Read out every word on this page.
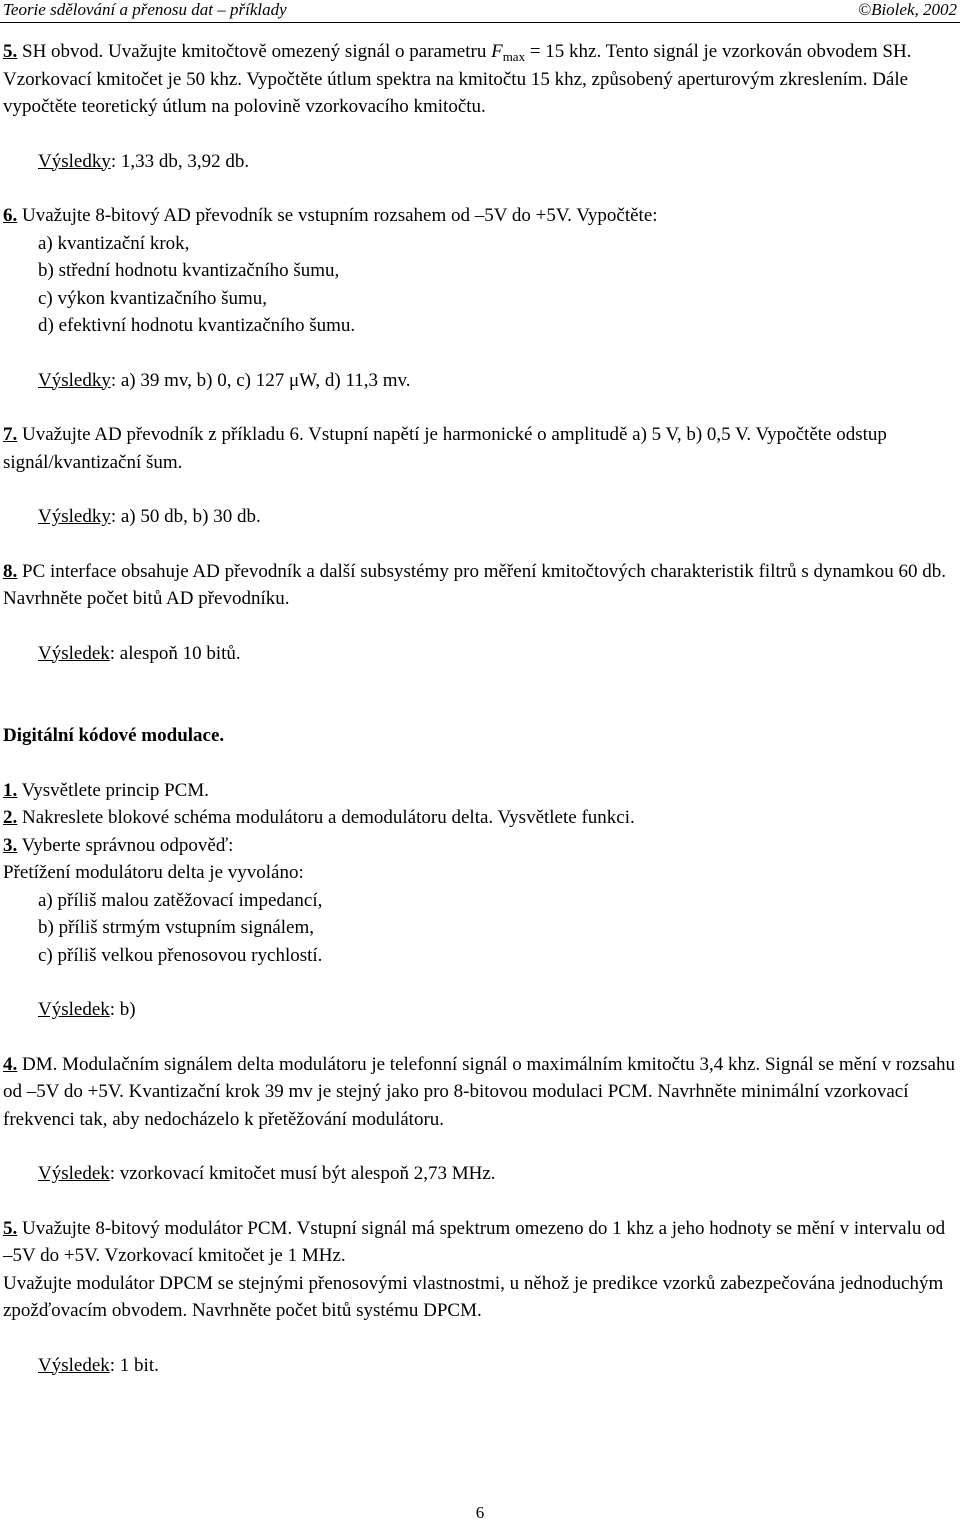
Teorie sdělování a přenosu dat – příklady	©Biolek, 2002

5. SH obvod. Uvažujte kmitočtově omezený signál o parametru $F_{max} = 15$ khz. Tento signál je vzorkován obvodem SH. Vzorkovací kmitočet je 50 khz. Vypočtěte útlum spektra na kmitočtu 15 khz, způsobený aperturovým zkreslením. Dále vypočtěte teoretický útlum na polovině vzorkovacího kmitočtu.

Výsledky: 1,33 db, 3,92 db.

6. Uvažujte 8-bitový AD převodník se vstupním rozsahem od –5V do +5V. Vypočtěte:

a) kvantizační krok,

b) střední hodnotu kvantizačního šumu,

c) výkon kvantizačního šumu,

d) efektivní hodnotu kvantizačního šumu.

Výsledky: a) 39 mv, b) 0, c) 127 μW, d) 11,3 mv.

7. Uvažujte AD převodník z příkladu 6. Vstupní napětí je harmonické o amplitudě a) 5 V, b) 0,5 V. Vypočtěte odstup signál/kvantizační šum.

Výsledky: a) 50 db, b) 30 db.

8. PC interface obsahuje AD převodník a další subsystémy pro měření kmitočtových charakteristik filtrů s dynamkou 60 db. Navrhněte počet bitů AD převodníku.

Výsledek: alespoň 10 bitů.

Digitální kódové modulace.

1. Vysvětlete princip PCM.

2. Nakreslete blokové schéma modulátoru a demodulátoru delta. Vysvětlete funkci.

3. Vyberte správnou odpověď:

Přetížení modulátoru delta je vyvoláno:

a) příliš malou zatěžovací impedancí,

b) příliš strmým vstupním signálem,

c) příliš velkou přenosovou rychlostí.

Výsledek: b)

4. DM. Modulačním signálem delta modulátoru je telefonní signál o maximálním kmitočtu 3,4 khz. Signál se mění v rozsahu od –5V do +5V. Kvantizační krok 39 mv je stejný jako pro 8-bitovou modulaci PCM. Navrhněte minimální vzorkovací frekvenci tak, aby nedocházelo k přetěžování modulátoru.

Výsledek: vzorkovací kmitočet musí být alespoň 2,73 MHz.

5. Uvažujte 8-bitový modulátor PCM. Vstupní signál má spektrum omezeno do 1 khz a jeho hodnoty se mění v intervalu od –5V do +5V. Vzorkovací kmitočet je 1 MHz.

Uvažujte modulátor DPCM se stejnými přenosovými vlastnostmi, u něhož je predikce vzorků zabezpečována jednoduchým zpožďovacím obvodem. Navrhněte počet bitů systému DPCM.

Výsledek: 1 bit.

6
